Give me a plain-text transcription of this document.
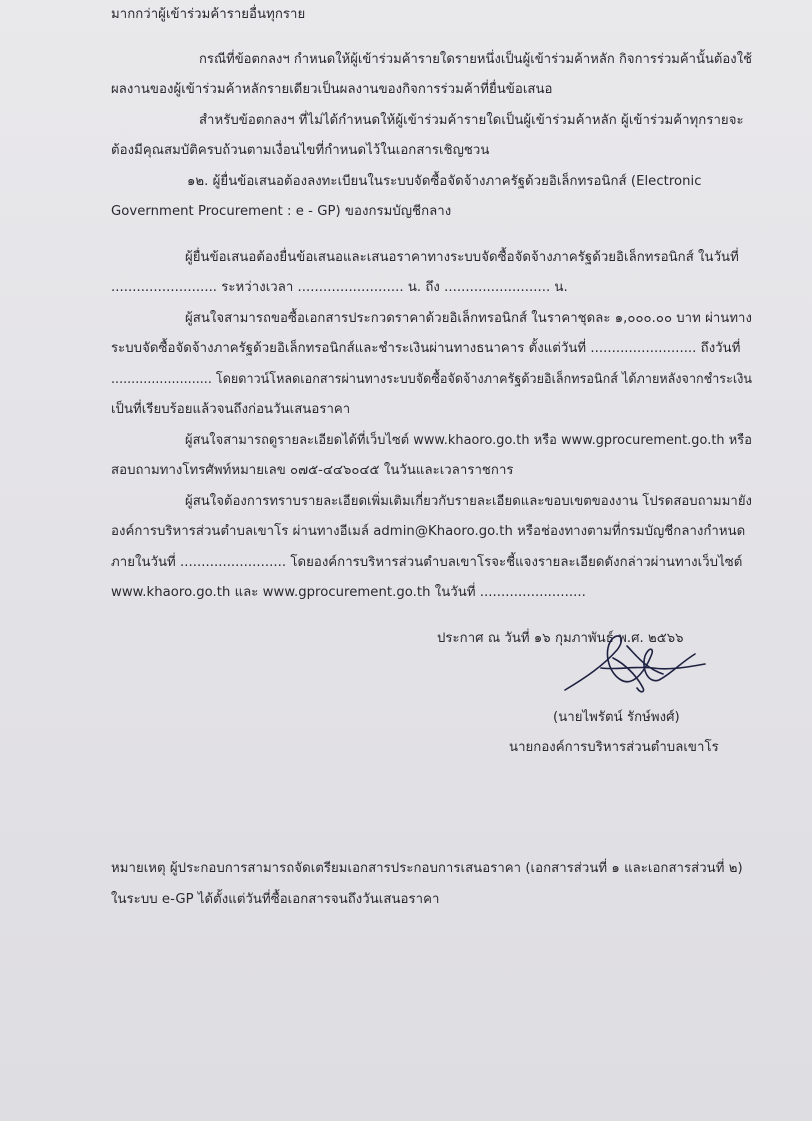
มากกว่าผู้เข้าร่วมค้ารายอื่นทุกราย
กรณีที่ข้อตกลงฯ กำหนดให้ผู้เข้าร่วมค้ารายใดรายหนึ่งเป็นผู้เข้าร่วมค้าหลัก กิจการร่วมค้านั้นต้องใช้
ผลงานของผู้เข้าร่วมค้าหลักรายเดียวเป็นผลงานของกิจการร่วมค้าที่ยื่นข้อเสนอ
สำหรับข้อตกลงฯ ที่ไม่ได้กำหนดให้ผู้เข้าร่วมค้ารายใดเป็นผู้เข้าร่วมค้าหลัก ผู้เข้าร่วมค้าทุกรายจะ
ต้องมีคุณสมบัติครบถ้วนตามเงื่อนไขที่กำหนดไว้ในเอกสารเชิญชวน
๑๒. ผู้ยื่นข้อเสนอต้องลงทะเบียนในระบบจัดซื้อจัดจ้างภาครัฐด้วยอิเล็กทรอนิกส์ (Electronic
Government Procurement : e - GP) ของกรมบัญชีกลาง
ผู้ยื่นข้อเสนอต้องยื่นข้อเสนอและเสนอราคาทางระบบจัดซื้อจัดจ้างภาครัฐด้วยอิเล็กทรอนิกส์ ในวันที่
......................... ระหว่างเวลา ......................... น. ถึง ......................... น.
ผู้สนใจสามารถขอซื้อเอกสารประกวดราคาด้วยอิเล็กทรอนิกส์ ในราคาชุดละ ๑,๐๐๐.๐๐ บาท ผ่านทาง
ระบบจัดซื้อจัดจ้างภาครัฐด้วยอิเล็กทรอนิกส์และชำระเงินผ่านทางธนาคาร ตั้งแต่วันที่ ......................... ถึงวันที่
......................... โดยดาวน์โหลดเอกสารผ่านทางระบบจัดซื้อจัดจ้างภาครัฐด้วยอิเล็กทรอนิกส์ ได้ภายหลังจากชำระเงิน
เป็นที่เรียบร้อยแล้วจนถึงก่อนวันเสนอราคา
ผู้สนใจสามารถดูรายละเอียดได้ที่เว็บไซต์ www.khaoro.go.th หรือ www.gprocurement.go.th หรือ
สอบถามทางโทรศัพท์หมายเลข ๐๗๕-๔๔๖๐๔๕ ในวันและเวลาราชการ
ผู้สนใจต้องการทราบรายละเอียดเพิ่มเติมเกี่ยวกับรายละเอียดและขอบเขตของงาน โปรดสอบถามมายัง
องค์การบริหารส่วนตำบลเขาโร ผ่านทางอีเมล์ admin@Khaoro.go.th หรือช่องทางตามที่กรมบัญชีกลางกำหนด
ภายในวันที่ ......................... โดยองค์การบริหารส่วนตำบลเขาโรจะชี้แจงรายละเอียดดังกล่าวผ่านทางเว็บไซต์
www.khaoro.go.th และ www.gprocurement.go.th ในวันที่ .........................
ประกาศ ณ วันที่ ๑๖ กุมภาพันธ์ พ.ศ. ๒๕๖๖
(นายไพรัตน์ รักษ์พงศ์)
นายกองค์การบริหารส่วนตำบลเขาโร
หมายเหตุ ผู้ประกอบการสามารถจัดเตรียมเอกสารประกอบการเสนอราคา (เอกสารส่วนที่ ๑ และเอกสารส่วนที่ ๒)
ในระบบ e-GP ได้ตั้งแต่วันที่ซื้อเอกสารจนถึงวันเสนอราคา
